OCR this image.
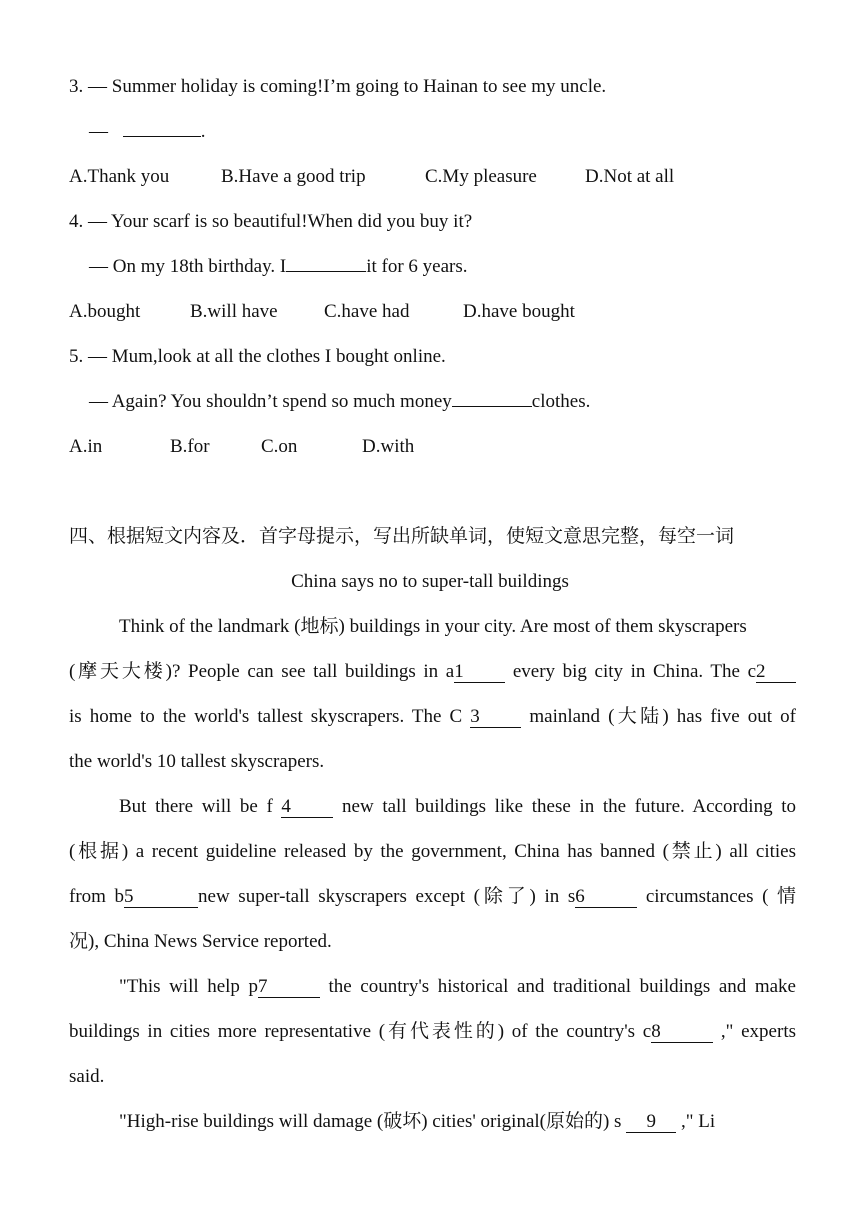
3. — Summer holiday is coming!I’m going to Hainan to see my uncle.
—	.
A.Thank you	B.Have a good trip	C.My pleasure	D.Not at all
4. — Your scarf is so beautiful!When did you buy it?
— On my 18th birthday. I	it for 6 years.
A.bought	B.will have C.have had	D.have bought
5. — Mum,look at all the clothes I bought online.
— Again? You shouldn’t spend so much money	clothes.
A.in	B.for	C.on	D.with
四、根据短文内容及．首字母提示，写出所缺单词，使短文意思完整，每空一词
China says no to super-tall buildings
Think of the landmark (地标) buildings in your city. Are most of them skyscrapers
(摩天大楼)? People can see tall buildings in a1 every big city in China. The c2
is home to the world's tallest skyscrapers. The C 3 mainland (大陆) has five out of
the world's 10 tallest skyscrapers.
But there will be f 4 new tall buildings like these in the future. According to
(根据) a recent guideline released by the government, China has banned (禁止) all cities
from b5	new super-tall skyscrapers except (除了) in s6	circumstances ( 情
况), China News Service reported.
"This will help p7	the country's historical and traditional buildings and make
buildings in cities more representative (有代表性的) of the country's c8	," experts
said.
"High-rise buildings will damage (破坏) cities' original(原始的) s 9 ," Li
